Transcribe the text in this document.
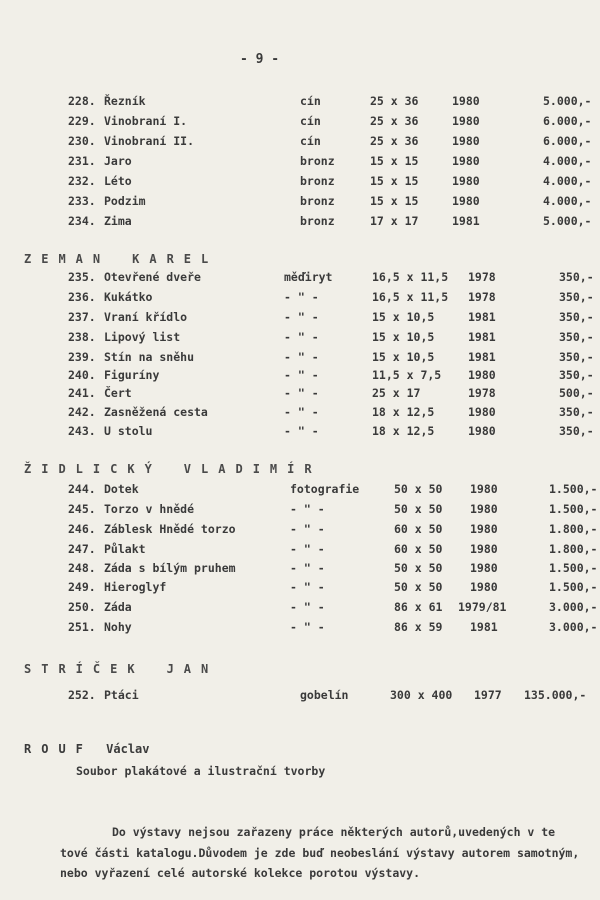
- 9 -
228. Řezník	cín	25 x 36	1980	5.000,-
229. Vinobraní I.	cín	25 x 36	1980	6.000,-
230. Vinobraní II.	cín	25 x 36	1980	6.000,-
231. Jaro	bronz	15 x 15	1980	4.000,-
232. Léto	bronz	15 x 15	1980	4.000,-
233. Podzim	bronz	15 x 15	1980	4.000,-
234. Zima	bronz	17 x 17	1981	5.000,-
ZEMAN KAREL
235. Otevřené dveře	měďiryt	16,5 x 11,5 1978	350,-
236. Kukátko	- " -	16,5 x 11,5 1978	350,-
237. Vraní křídlo	- " -	15 x 10,5	1981	350,-
238. Lipový list	- " -	15 x 10,5	1981	350,-
239. Stín na sněhu	- " -	15 x 10,5	1981	350,-
240. Figuríny	- " -	11,5 x 7,5 1980	350,-
241. Čert	- " -	25 x 17	1978	500,-
242. Zasněžená cesta	- " -	18 x 12,5	1980	350,-
243. U stolu	- " -	18 x 12,5	1980	350,-
ŽIDLICKÝ VLADIMÍR
244. Dotek	fotografie	50 x 50 1980	1.500,-
245. Torzo v hnědé	- " -	50 x 50 1980	1.500,-
246. Záblesk Hnědé torzo	- " -	60 x 50 1980	1.800,-
247. Půlakt	- " -	60 x 50 1980	1.800,-
248. Záda s bílým pruhem	- " -	50 x 50 1980	1.500,-
249. Hieroglyf	- " -	50 x 50 1980	1.500,-
250. Záda	- " -	86 x 61 1979/81	3.000,-
251. Nohy	- " -	86 x 59 1981	3.000,-
STRÍČEK JAN
252. Ptáci	gobelín	300 x 400 1977 135.000,-
ROUF Václav
Soubor plakátové a ilustrační tvorby
Do výstavy nejsou zařazeny práce některých autorů,uvedených v te
tové části katalogu.Důvodem je zde buď neobeslání výstavy autorem samotným,
nebo vyřazení celé autorské kolekce porotou výstavy.
